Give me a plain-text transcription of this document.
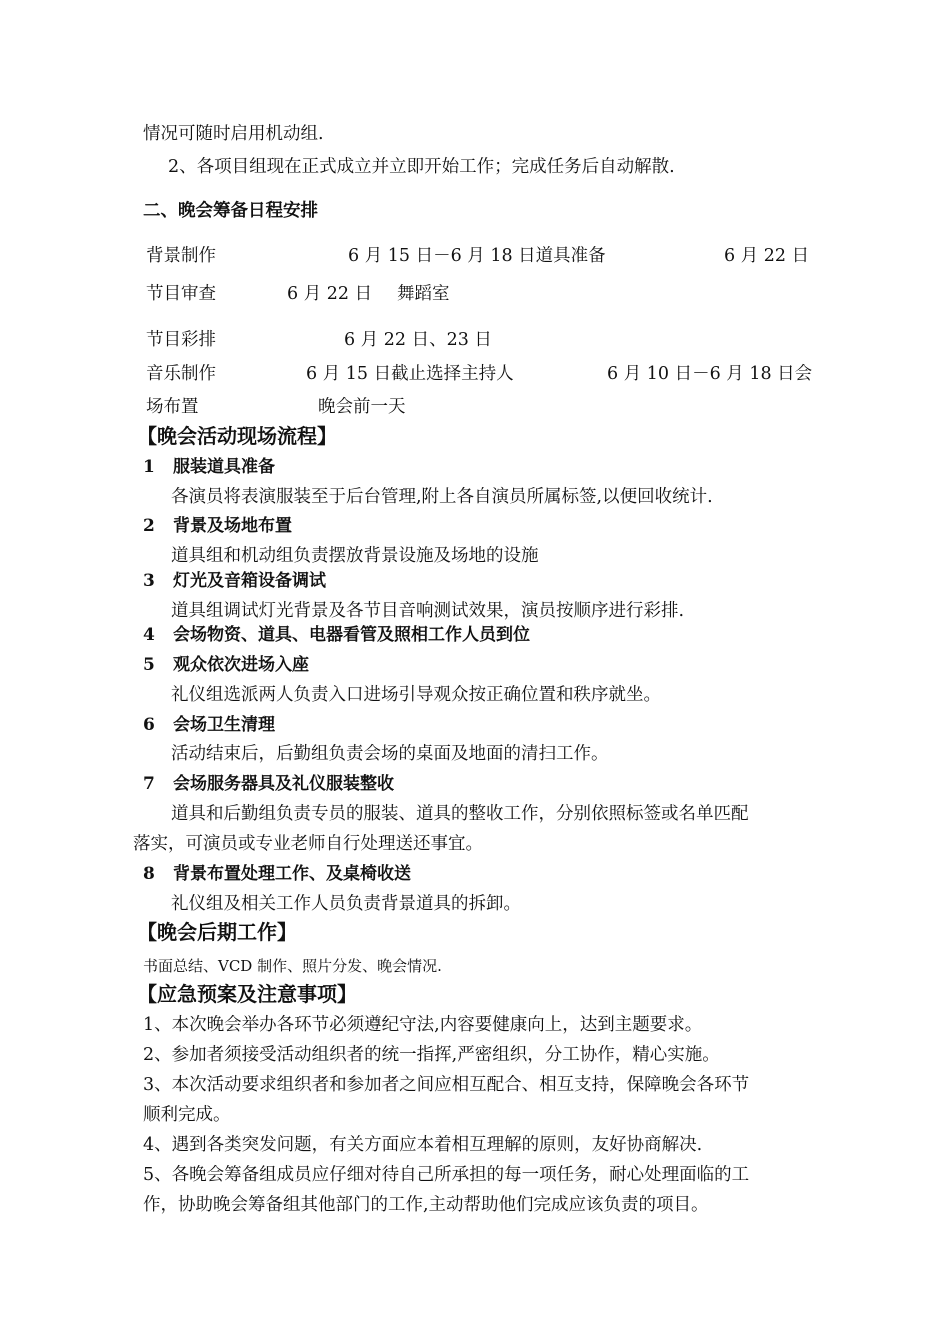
情况可随时启用机动组.
2、各项目组现在正式成立并立即开始工作；完成任务后自动解散.
二、晚会筹备日程安排
背景制作	6 月 15 日－6 月 18 日道具准备	6 月 22 日
节目审查	6 月 22 日 舞蹈室
节目彩排	6 月 22 日、23 日
音乐制作	6 月 15 日截止选择主持人	6 月 10 日－6 月 18 日会
场布置	晚会前一天
【晚会活动现场流程】
1 服装道具准备
各演员将表演服装至于后台管理,附上各自演员所属标签,以便回收统计.
2 背景及场地布置
道具组和机动组负责摆放背景设施及场地的设施
3 灯光及音箱设备调试
道具组调试灯光背景及各节目音响测试效果，演员按顺序进行彩排.
4 会场物资、道具、电器看管及照相工作人员到位
5 观众依次进场入座
礼仪组选派两人负责入口进场引导观众按正确位置和秩序就坐。
6 会场卫生清理
活动结束后，后勤组负责会场的桌面及地面的清扫工作。
7 会场服务器具及礼仪服装整收
道具和后勤组负责专员的服装、道具的整收工作，分别依照标签或名单匹配
落实，可演员或专业老师自行处理送还事宜。
8 背景布置处理工作、及桌椅收送
礼仪组及相关工作人员负责背景道具的拆卸。
【晚会后期工作】
书面总结、VCD 制作、照片分发、晚会情况.
【应急预案及注意事项】
1、本次晚会举办各环节必须遵纪守法,内容要健康向上，达到主题要求。
2、参加者须接受活动组织者的统一指挥,严密组织，分工协作，精心实施。
3、本次活动要求组织者和参加者之间应相互配合、相互支持，保障晚会各环节
顺利完成。
4、遇到各类突发问题，有关方面应本着相互理解的原则，友好协商解决.
5、各晚会筹备组成员应仔细对待自己所承担的每一项任务，耐心处理面临的工
作，协助晚会筹备组其他部门的工作,主动帮助他们完成应该负责的项目。
